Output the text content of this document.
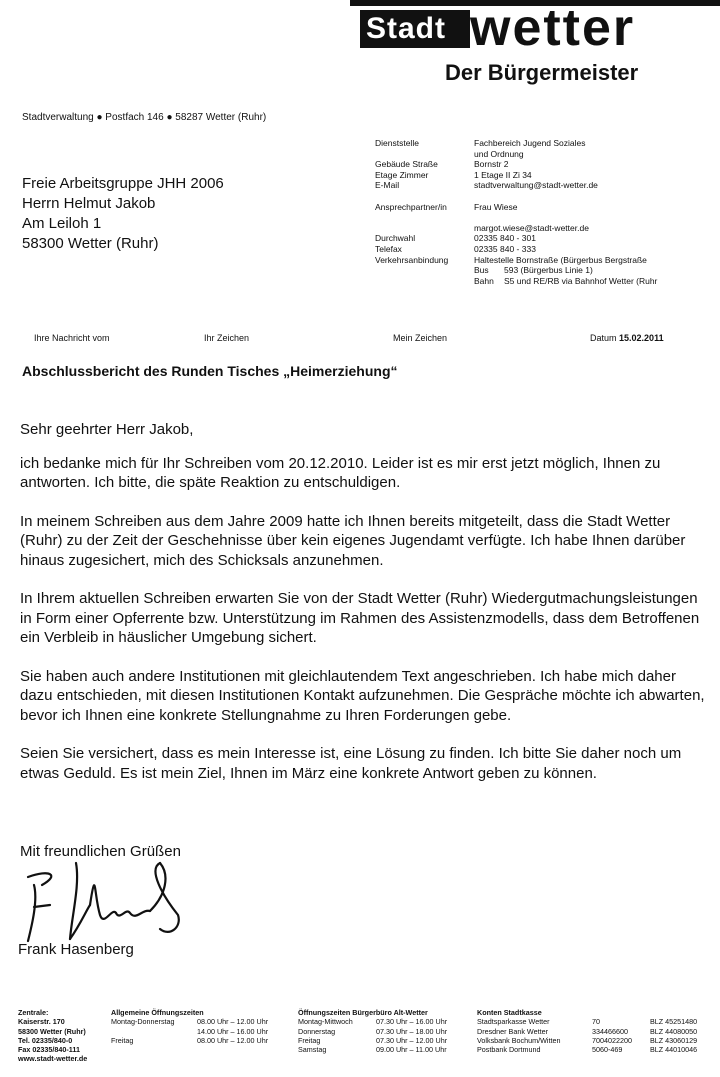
Stadt wetter
Der Bürgermeister
Stadtverwaltung ● Postfach 146 ● 58287 Wetter (Ruhr)
Freie Arbeitsgruppe JHH 2006
Herrn Helmut Jakob
Am Leiloh 1
58300 Wetter (Ruhr)
Dienststelle	Fachbereich Jugend Soziales
und Ordnung
Gebäude Straße	Bornstr 2
Etage Zimmer	1 Etage II Zi 34
E-Mail	stadtverwaltung@stadt-wetter.de

Ansprechpartner/in	Frau Wiese

margot.wiese@stadt-wetter.de
Durchwahl	02335 840 - 301
Telefax	02335 840 - 333
Verkehrsanbindung	Haltestelle Bornstraße (Bürgerbus Bergstraße
Bus	593 (Bürgerbus Linie 1)
Bahn	S5 und RE/RB via Bahnhof Wetter (Ruhr
Ihre Nachricht vom	Ihr Zeichen	Mein Zeichen	Datum 15.02.2011
Abschlussbericht des Runden Tisches „Heimerziehung“

Sehr geehrter Herr Jakob,

ich bedanke mich für Ihr Schreiben vom 20.12.2010. Leider ist es mir erst jetzt möglich, Ihnen zu antworten. Ich bitte, die späte Reaktion zu entschuldigen.

In meinem Schreiben aus dem Jahre 2009 hatte ich Ihnen bereits mitgeteilt, dass die Stadt Wetter (Ruhr) zu der Zeit der Geschehnisse über kein eigenes Jugendamt verfügte. Ich habe Ihnen darüber hinaus zugesichert, mich des Schicksals anzunehmen.

In Ihrem aktuellen Schreiben erwarten Sie von der Stadt Wetter (Ruhr) Wiedergutmachungsleistungen in Form einer Opferrente bzw. Unterstützung im Rahmen des Assistenzmodells, dass dem Betroffenen ein Verbleib in häuslicher Umgebung sichert.

Sie haben auch andere Institutionen mit gleichlautendem Text angeschrieben. Ich habe mich daher dazu entschieden, mit diesen Institutionen Kontakt aufzunehmen. Die Gespräche möchte ich abwarten, bevor ich Ihnen eine konkrete Stellungnahme zu Ihren Forderungen gebe.

Seien Sie versichert, dass es mein Interesse ist, eine Lösung zu finden. Ich bitte Sie daher noch um etwas Geduld. Es ist mein Ziel, Ihnen im März eine konkrete Antwort geben zu können.

Mit freundlichen Grüßen
Frank Hasenberg
Zentrale:
Kaiserstr. 170
58300 Wetter (Ruhr)
Tel. 02335/840-0
Fax 02335/840-111
www.stadt-wetter.de
Allgemeine Öffnungszeiten
Montag-Donnerstag	08.00 Uhr – 12.00 Uhr
14.00 Uhr – 16.00 Uhr
Freitag	08.00 Uhr – 12.00 Uhr
Öffnungszeiten Bürgerbüro Alt-Wetter
Montag-Mittwoch	07.30 Uhr – 16.00 Uhr
Donnerstag	07.30 Uhr – 18.00 Uhr
Freitag	07.30 Uhr – 12.00 Uhr
Samstag	09.00 Uhr – 11.00 Uhr
Konten Stadtkasse
Stadtsparkasse Wetter	70	BLZ 45251480
Dresdner Bank Wetter	334466600	BLZ 44080050
Volksbank Bochum/Witten	7004022200	BLZ 43060129
Postbank Dortmund	5060-469	BLZ 44010046
